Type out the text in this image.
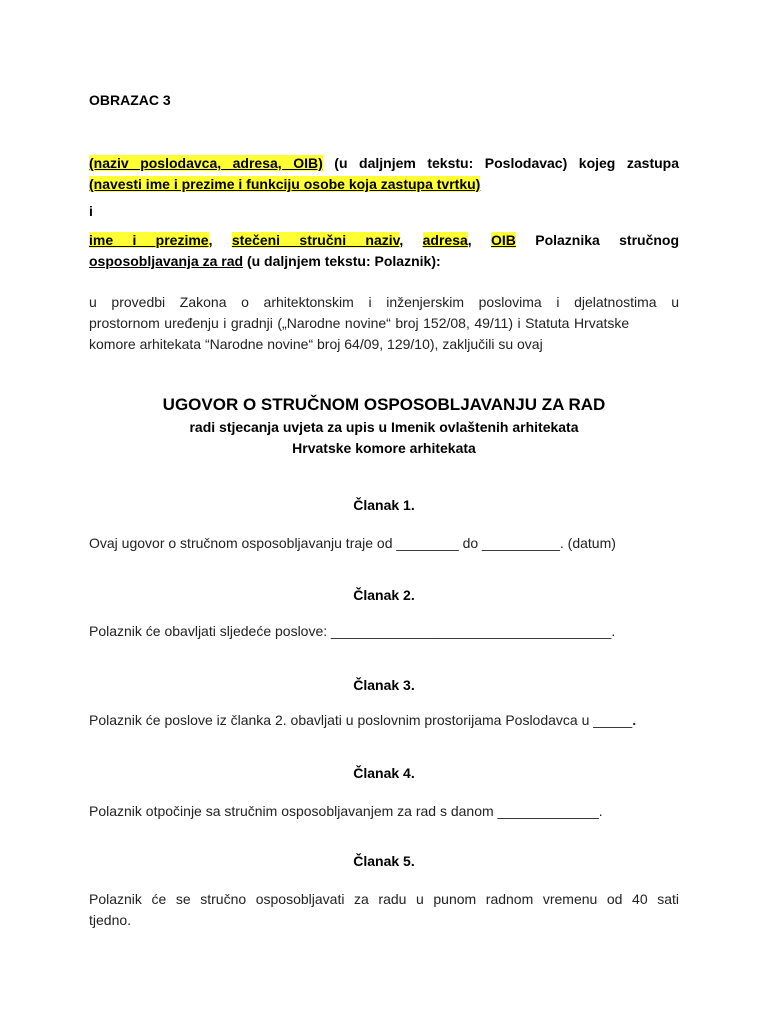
OBRAZAC 3
(naziv poslodavca, adresa, OIB) (u daljnjem tekstu: Poslodavac) kojeg zastupa
(navesti ime i prezime i funkciju osobe koja zastupa tvrtku)
i
ime i prezime, stečeni stručni naziv, adresa, OIB Polaznika stručnog
osposobljavanja za rad (u daljnjem tekstu: Polaznik):
u provedbi Zakona o arhitektonskim i inženjerskim poslovima i djelatnostima u
prostornom uređenju i gradnji („Narodne novine“ broj 152/08, 49/11) i Statuta Hrvatske
komore arhitekata “Narodne novine“ broj 64/09, 129/10), zaključili su ovaj
UGOVOR O STRUČNOM OSPOSOBLJAVANJU ZA RAD
radi stjecanja uvjeta za upis u Imenik ovlaštenih arhitekata
Hrvatske komore arhitekata
Članak 1.
Ovaj ugovor o stručnom osposobljavanju traje od ________ do __________. (datum)
Članak 2.
Polaznik će obavljati sljedeće poslove: ____________________________________.
Članak 3.
Polaznik će poslove iz članka 2. obavljati u poslovnim prostorijama Poslodavca u _____.
Članak 4.
Polaznik otpočinje sa stručnim osposobljavanjem za rad s danom _____________.
Članak 5.
Polaznik će se stručno osposobljavati za radu u punom radnom vremenu od 40 sati
tjedno.
